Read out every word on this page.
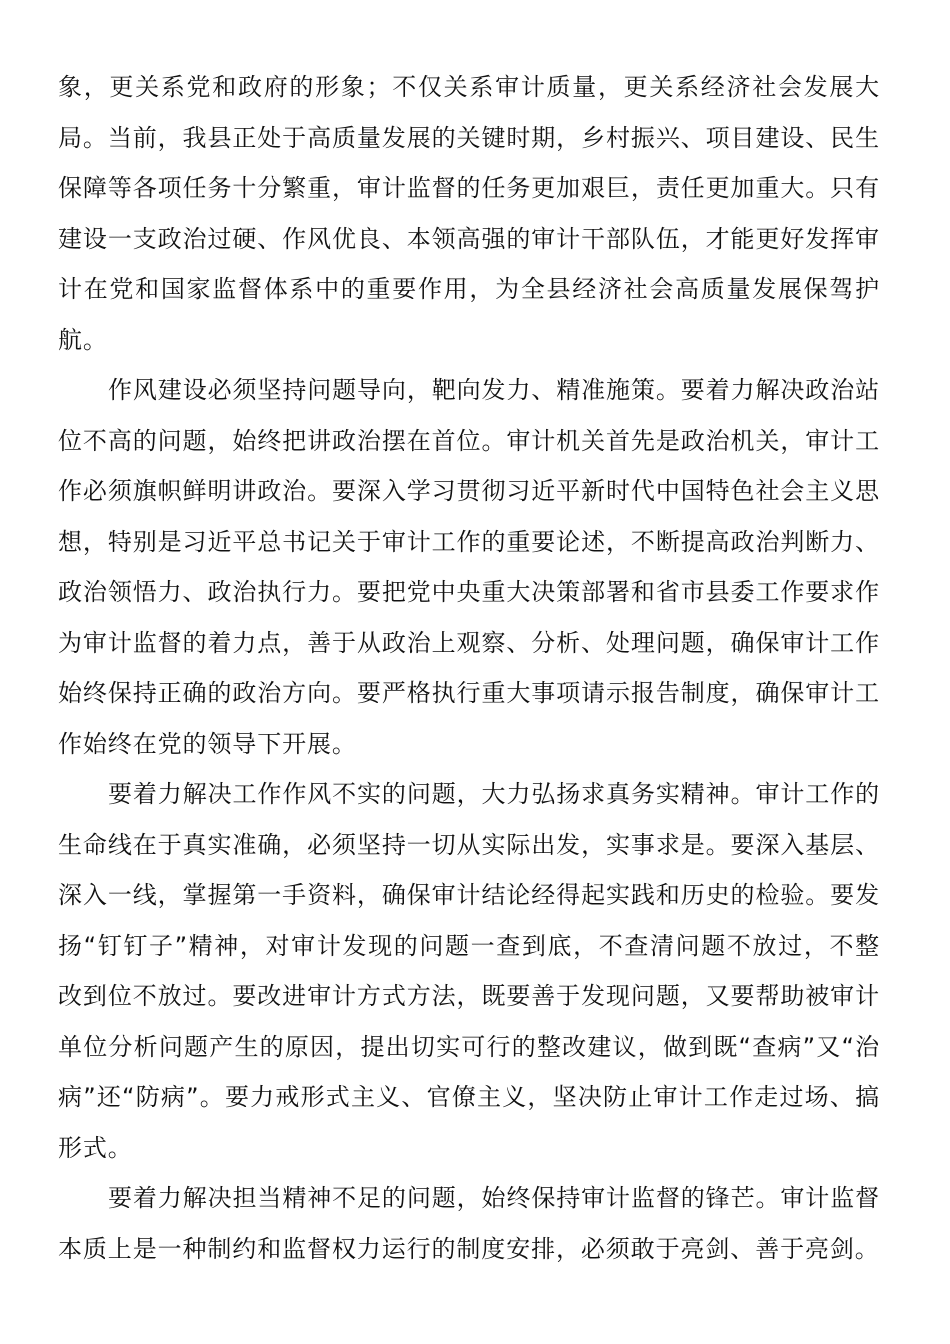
象，更关系党和政府的形象；不仅关系审计质量，更关系经济社会发展大局。当前，我县正处于高质量发展的关键时期，乡村振兴、项目建设、民生保障等各项任务十分繁重，审计监督的任务更加艰巨，责任更加重大。只有建设一支政治过硬、作风优良、本领高强的审计干部队伍，才能更好发挥审计在党和国家监督体系中的重要作用，为全县经济社会高质量发展保驾护航。

作风建设必须坚持问题导向，靶向发力、精准施策。要着力解决政治站位不高的问题，始终把讲政治摆在首位。审计机关首先是政治机关，审计工作必须旗帜鲜明讲政治。要深入学习贯彻习近平新时代中国特色社会主义思想，特别是习近平总书记关于审计工作的重要论述，不断提高政治判断力、政治领悟力、政治执行力。要把党中央重大决策部署和省市县委工作要求作为审计监督的着力点，善于从政治上观察、分析、处理问题，确保审计工作始终保持正确的政治方向。要严格执行重大事项请示报告制度，确保审计工作始终在党的领导下开展。

要着力解决工作作风不实的问题，大力弘扬求真务实精神。审计工作的生命线在于真实准确，必须坚持一切从实际出发，实事求是。要深入基层、深入一线，掌握第一手资料，确保审计结论经得起实践和历史的检验。要发扬“钉钉子”精神，对审计发现的问题一查到底，不查清问题不放过，不整改到位不放过。要改进审计方式方法，既要善于发现问题，又要帮助被审计单位分析问题产生的原因，提出切实可行的整改建议，做到既“查病”又“治病”还“防病”。要力戒形式主义、官僚主义，坚决防止审计工作走过场、搞形式。

要着力解决担当精神不足的问题，始终保持审计监督的锋芒。审计监督本质上是一种制约和监督权力运行的制度安排，必须敢于亮剑、善于亮剑。
